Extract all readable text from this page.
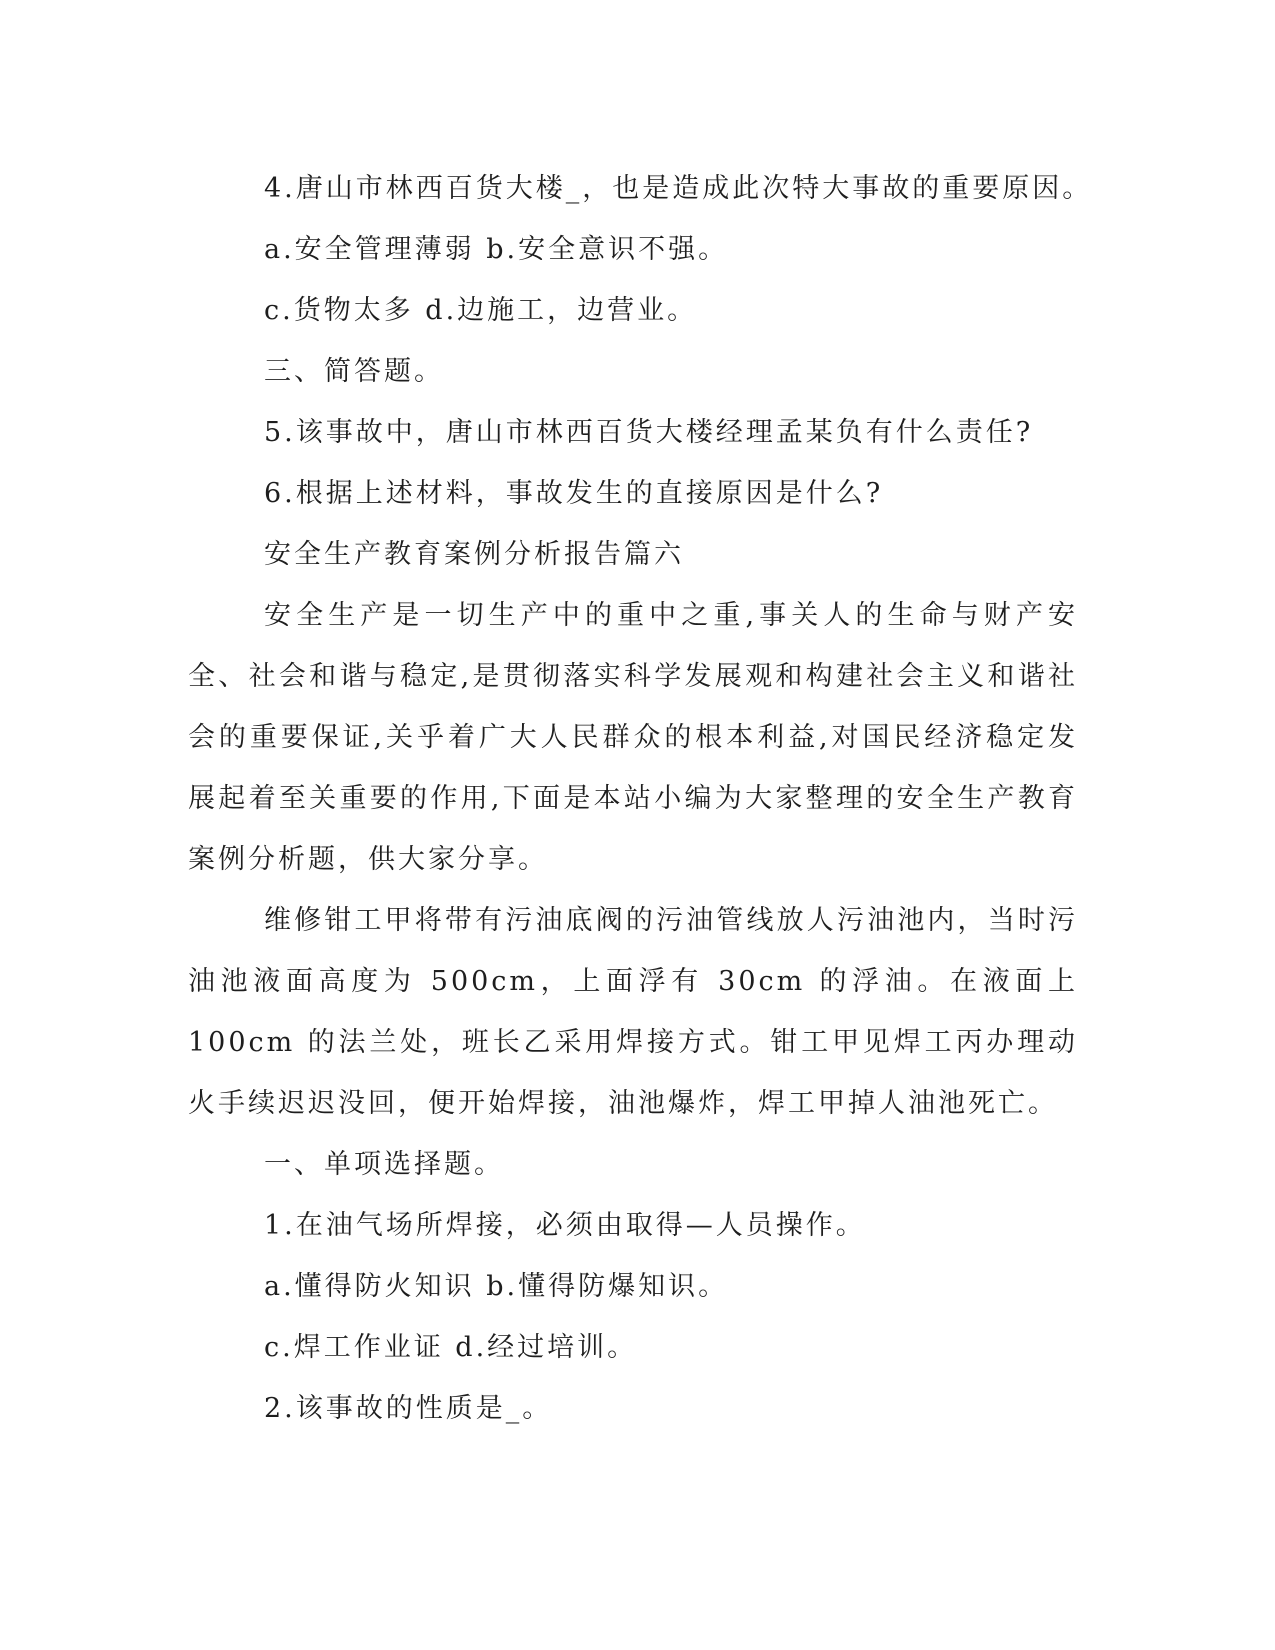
4.唐山市林西百货大楼_，也是造成此次特大事故的重要原因。

a.安全管理薄弱 b.安全意识不强。

c.货物太多 d.边施工，边营业。

三、简答题。

5.该事故中，唐山市林西百货大楼经理孟某负有什么责任?

6.根据上述材料，事故发生的直接原因是什么?

安全生产教育案例分析报告篇六

安全生产是一切生产中的重中之重,事关人的生命与财产安全、社会和谐与稳定,是贯彻落实科学发展观和构建社会主义和谐社会的重要保证,关乎着广大人民群众的根本利益,对国民经济稳定发展起着至关重要的作用,下面是本站小编为大家整理的安全生产教育案例分析题，供大家分享。

维修钳工甲将带有污油底阀的污油管线放人污油池内，当时污油池液面高度为 500cm，上面浮有 30cm 的浮油。在液面上 100cm 的法兰处，班长乙采用焊接方式。钳工甲见焊工丙办理动火手续迟迟没回，便开始焊接，油池爆炸，焊工甲掉人油池死亡。

一、单项选择题。

1.在油气场所焊接，必须由取得—人员操作。

a.懂得防火知识 b.懂得防爆知识。

c.焊工作业证 d.经过培训。

2.该事故的性质是_。
